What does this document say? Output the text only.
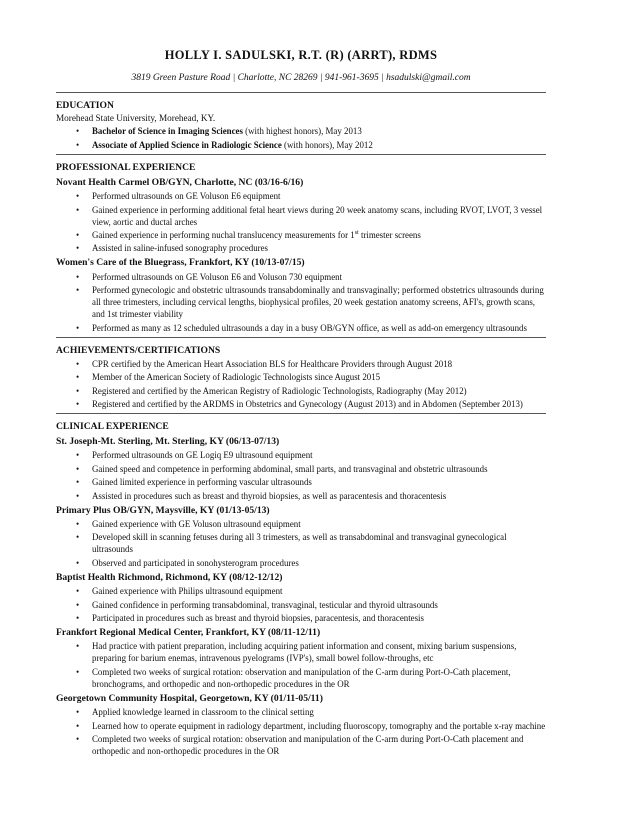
HOLLY I. SADULSKI, R.T. (R) (ARRT), RDMS
3819 Green Pasture Road | Charlotte, NC 28269 | 941-961-3695 | hsadulski@gmail.com
EDUCATION
Morehead State University, Morehead, KY.
• Bachelor of Science in Imaging Sciences (with highest honors), May 2013
• Associate of Applied Science in Radiologic Science (with honors), May 2012
PROFESSIONAL EXPERIENCE
Novant Health Carmel OB/GYN, Charlotte, NC (03/16-6/16)
• Performed ultrasounds on GE Voluson E6 equipment
• Gained experience in performing additional fetal heart views during 20 week anatomy scans, including RVOT, LVOT, 3 vessel view, aortic and ductal arches
• Gained experience in performing nuchal translucency measurements for 1st trimester screens
• Assisted in saline-infused sonography procedures
Women's Care of the Bluegrass, Frankfort, KY (10/13-07/15)
• Performed ultrasounds on GE Voluson E6 and Voluson 730 equipment
• Performed gynecologic and obstetric ultrasounds transabdominally and transvaginally; performed obstetrics ultrasounds during all three trimesters, including cervical lengths, biophysical profiles, 20 week gestation anatomy screens, AFI's, growth scans, and 1st trimester viability
• Performed as many as 12 scheduled ultrasounds a day in a busy OB/GYN office, as well as add-on emergency ultrasounds
ACHIEVEMENTS/CERTIFICATIONS
• CPR certified by the American Heart Association BLS for Healthcare Providers through August 2018
• Member of the American Society of Radiologic Technologists since August 2015
• Registered and certified by the American Registry of Radiologic Technologists, Radiography (May 2012)
• Registered and certified by the ARDMS in Obstetrics and Gynecology (August 2013) and in Abdomen (September 2013)
CLINICAL EXPERIENCE
St. Joseph-Mt. Sterling, Mt. Sterling, KY (06/13-07/13)
• Performed ultrasounds on GE Logiq E9 ultrasound equipment
• Gained speed and competence in performing abdominal, small parts, and transvaginal and obstetric ultrasounds
• Gained limited experience in performing vascular ultrasounds
• Assisted in procedures such as breast and thyroid biopsies, as well as paracentesis and thoracentesis
Primary Plus OB/GYN, Maysville, KY (01/13-05/13)
• Gained experience with GE Voluson ultrasound equipment
• Developed skill in scanning fetuses during all 3 trimesters, as well as transabdominal and transvaginal gynecological ultrasounds
• Observed and participated in sonohysterogram procedures
Baptist Health Richmond, Richmond, KY (08/12-12/12)
• Gained experience with Philips ultrasound equipment
• Gained confidence in performing transabdominal, transvaginal, testicular and thyroid ultrasounds
• Participated in procedures such as breast and thyroid biopsies, paracentesis, and thoracentesis
Frankfort Regional Medical Center, Frankfort, KY (08/11-12/11)
• Had practice with patient preparation, including acquiring patient information and consent, mixing barium suspensions, preparing for barium enemas, intravenous pyelograms (IVP's), small bowel follow-throughs, etc
• Completed two weeks of surgical rotation: observation and manipulation of the C-arm during Port-O-Cath placement, bronchograms, and orthopedic and non-orthopedic procedures in the OR
Georgetown Community Hospital, Georgetown, KY (01/11-05/11)
• Applied knowledge learned in classroom to the clinical setting
• Learned how to operate equipment in radiology department, including fluoroscopy, tomography and the portable x-ray machine
• Completed two weeks of surgical rotation: observation and manipulation of the C-arm during Port-O-Cath placement and orthopedic and non-orthopedic procedures in the OR
